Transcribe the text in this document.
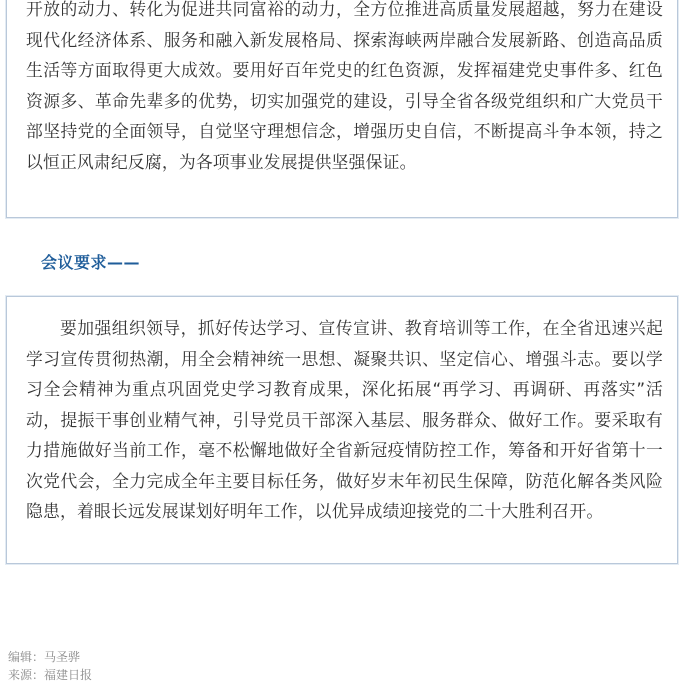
开放的动力、转化为促进共同富裕的动力，全方位推进高质量发展超越，努力在建设现代化经济体系、服务和融入新发展格局、探索海峡两岸融合发展新路、创造高品质生活等方面取得更大成效。要用好百年党史的红色资源，发挥福建党史事件多、红色资源多、革命先辈多的优势，切实加强党的建设，引导全省各级党组织和广大党员干部坚持党的全面领导，自觉坚守理想信念，增强历史自信，不断提高斗争本领，持之以恒正风肃纪反腐，为各项事业发展提供坚强保证。

会议要求——

要加强组织领导，抓好传达学习、宣传宣讲、教育培训等工作，在全省迅速兴起学习宣传贯彻热潮，用全会精神统一思想、凝聚共识、坚定信心、增强斗志。要以学习全会精神为重点巩固党史学习教育成果，深化拓展“再学习、再调研、再落实”活动，提振干事创业精气神，引导党员干部深入基层、服务群众、做好工作。要采取有力措施做好当前工作，毫不松懈地做好全省新冠疫情防控工作，筹备和开好省第十一次党代会，全力完成全年主要目标任务，做好岁末年初民生保障，防范化解各类风险隐患，着眼长远发展谋划好明年工作，以优异成绩迎接党的二十大胜利召开。

编辑：马圣骅
来源：福建日报
